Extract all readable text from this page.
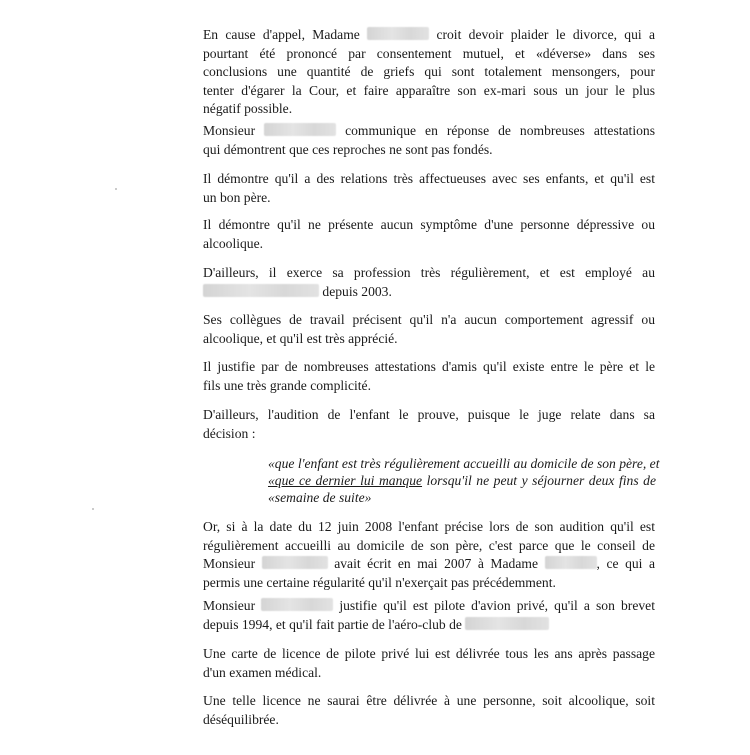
En cause d'appel, Madame	croit devoir plaider le divorce, qui a
pourtant été prononcé par consentement mutuel, et «déverse» dans ses
conclusions une quantité de griefs qui sont totalement mensongers, pour
tenter d'égarer la Cour, et faire apparaître son ex-mari sous un jour le plus
négatif possible.

Monsieur	communique en réponse de nombreuses attestations
qui démontrent que ces reproches ne sont pas fondés.

Il démontre qu'il a des relations très affectueuses avec ses enfants, et qu'il est
un bon père.

Il démontre qu'il ne présente aucun symptôme d'une personne dépressive ou
alcoolique.

D'ailleurs, il exerce sa profession très régulièrement, et est employé au
depuis 2003.

Ses collègues de travail précisent qu'il n'a aucun comportement agressif ou
alcoolique, et qu'il est très apprécié.

Il justifie par de nombreuses attestations d'amis qu'il existe entre le père et le
fils une très grande complicité.

D'ailleurs, l'audition de l'enfant le prouve, puisque le juge relate dans sa
décision :

«que l'enfant est très régulièrement accueilli au domicile de son père, et
«que ce dernier lui manque lorsqu'il ne peut y séjourner deux fins de
«semaine de suite»

Or, si à la date du 12 juin 2008 l'enfant précise lors de son audition qu'il est
régulièrement accueilli au domicile de son père, c'est parce que le conseil de
Monsieur	avait écrit en mai 2007 à Madame	, ce qui a
permis une certaine régularité qu'il n'exerçait pas précédemment.

Monsieur	justifie qu'il est pilote d'avion privé, qu'il a son brevet
depuis 1994, et qu'il fait partie de l'aéro-club de

Une carte de licence de pilote privé lui est délivrée tous les ans après passage
d'un examen médical.

Une telle licence ne saurai être délivrée à une personne, soit alcoolique, soit
déséquilibrée.
